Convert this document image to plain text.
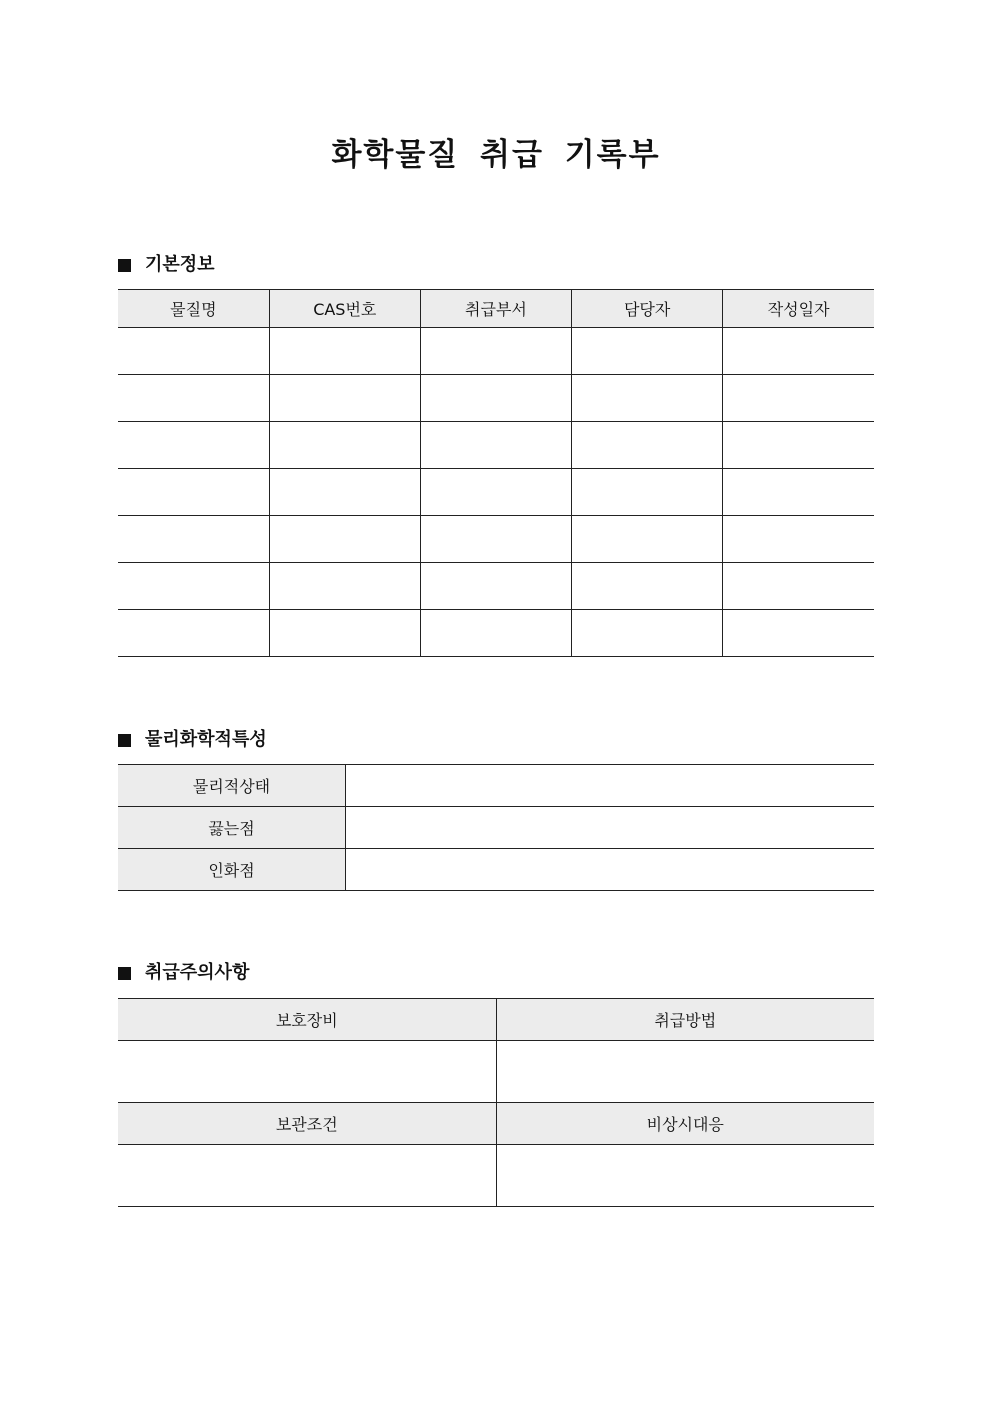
화학물질 취급 기록부
기본정보
물질명	CAS번호	취급부서	담당자	작성일자

물리화학적특성
물리적상태	
끓는점	
인화점	
취급주의사항
보호장비	취급방법

보관조건	비상시대응
